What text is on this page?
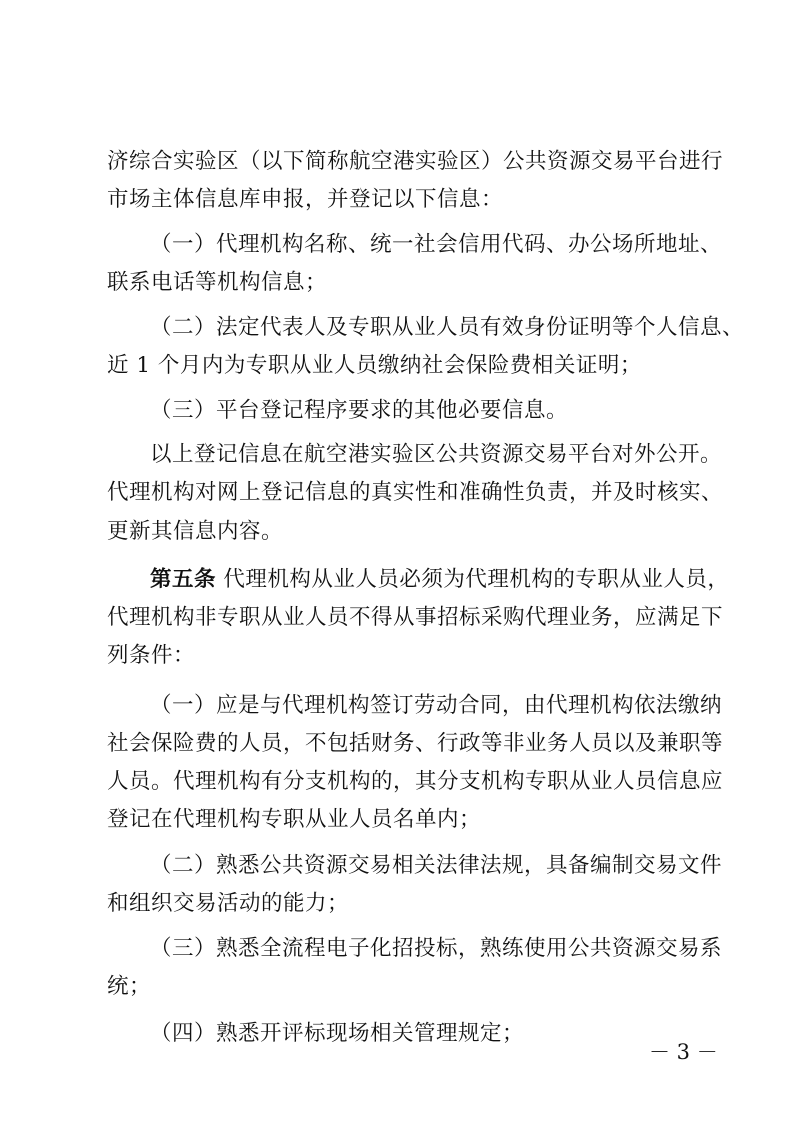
济综合实验区（以下简称航空港实验区）公共资源交易平台进行
市场主体信息库申报，并登记以下信息：
（一）代理机构名称、统一社会信用代码、办公场所地址、
联系电话等机构信息；
（二）法定代表人及专职从业人员有效身份证明等个人信息、
近 1 个月内为专职从业人员缴纳社会保险费相关证明；
（三）平台登记程序要求的其他必要信息。
以上登记信息在航空港实验区公共资源交易平台对外公开。
代理机构对网上登记信息的真实性和准确性负责，并及时核实、
更新其信息内容。
第五条 代理机构从业人员必须为代理机构的专职从业人员，
代理机构非专职从业人员不得从事招标采购代理业务，应满足下
列条件：
（一）应是与代理机构签订劳动合同，由代理机构依法缴纳
社会保险费的人员，不包括财务、行政等非业务人员以及兼职等
人员。代理机构有分支机构的，其分支机构专职从业人员信息应
登记在代理机构专职从业人员名单内；
（二）熟悉公共资源交易相关法律法规，具备编制交易文件
和组织交易活动的能力；
（三）熟悉全流程电子化招投标，熟练使用公共资源交易系
统；
（四）熟悉开评标现场相关管理规定；
－ 3 －
